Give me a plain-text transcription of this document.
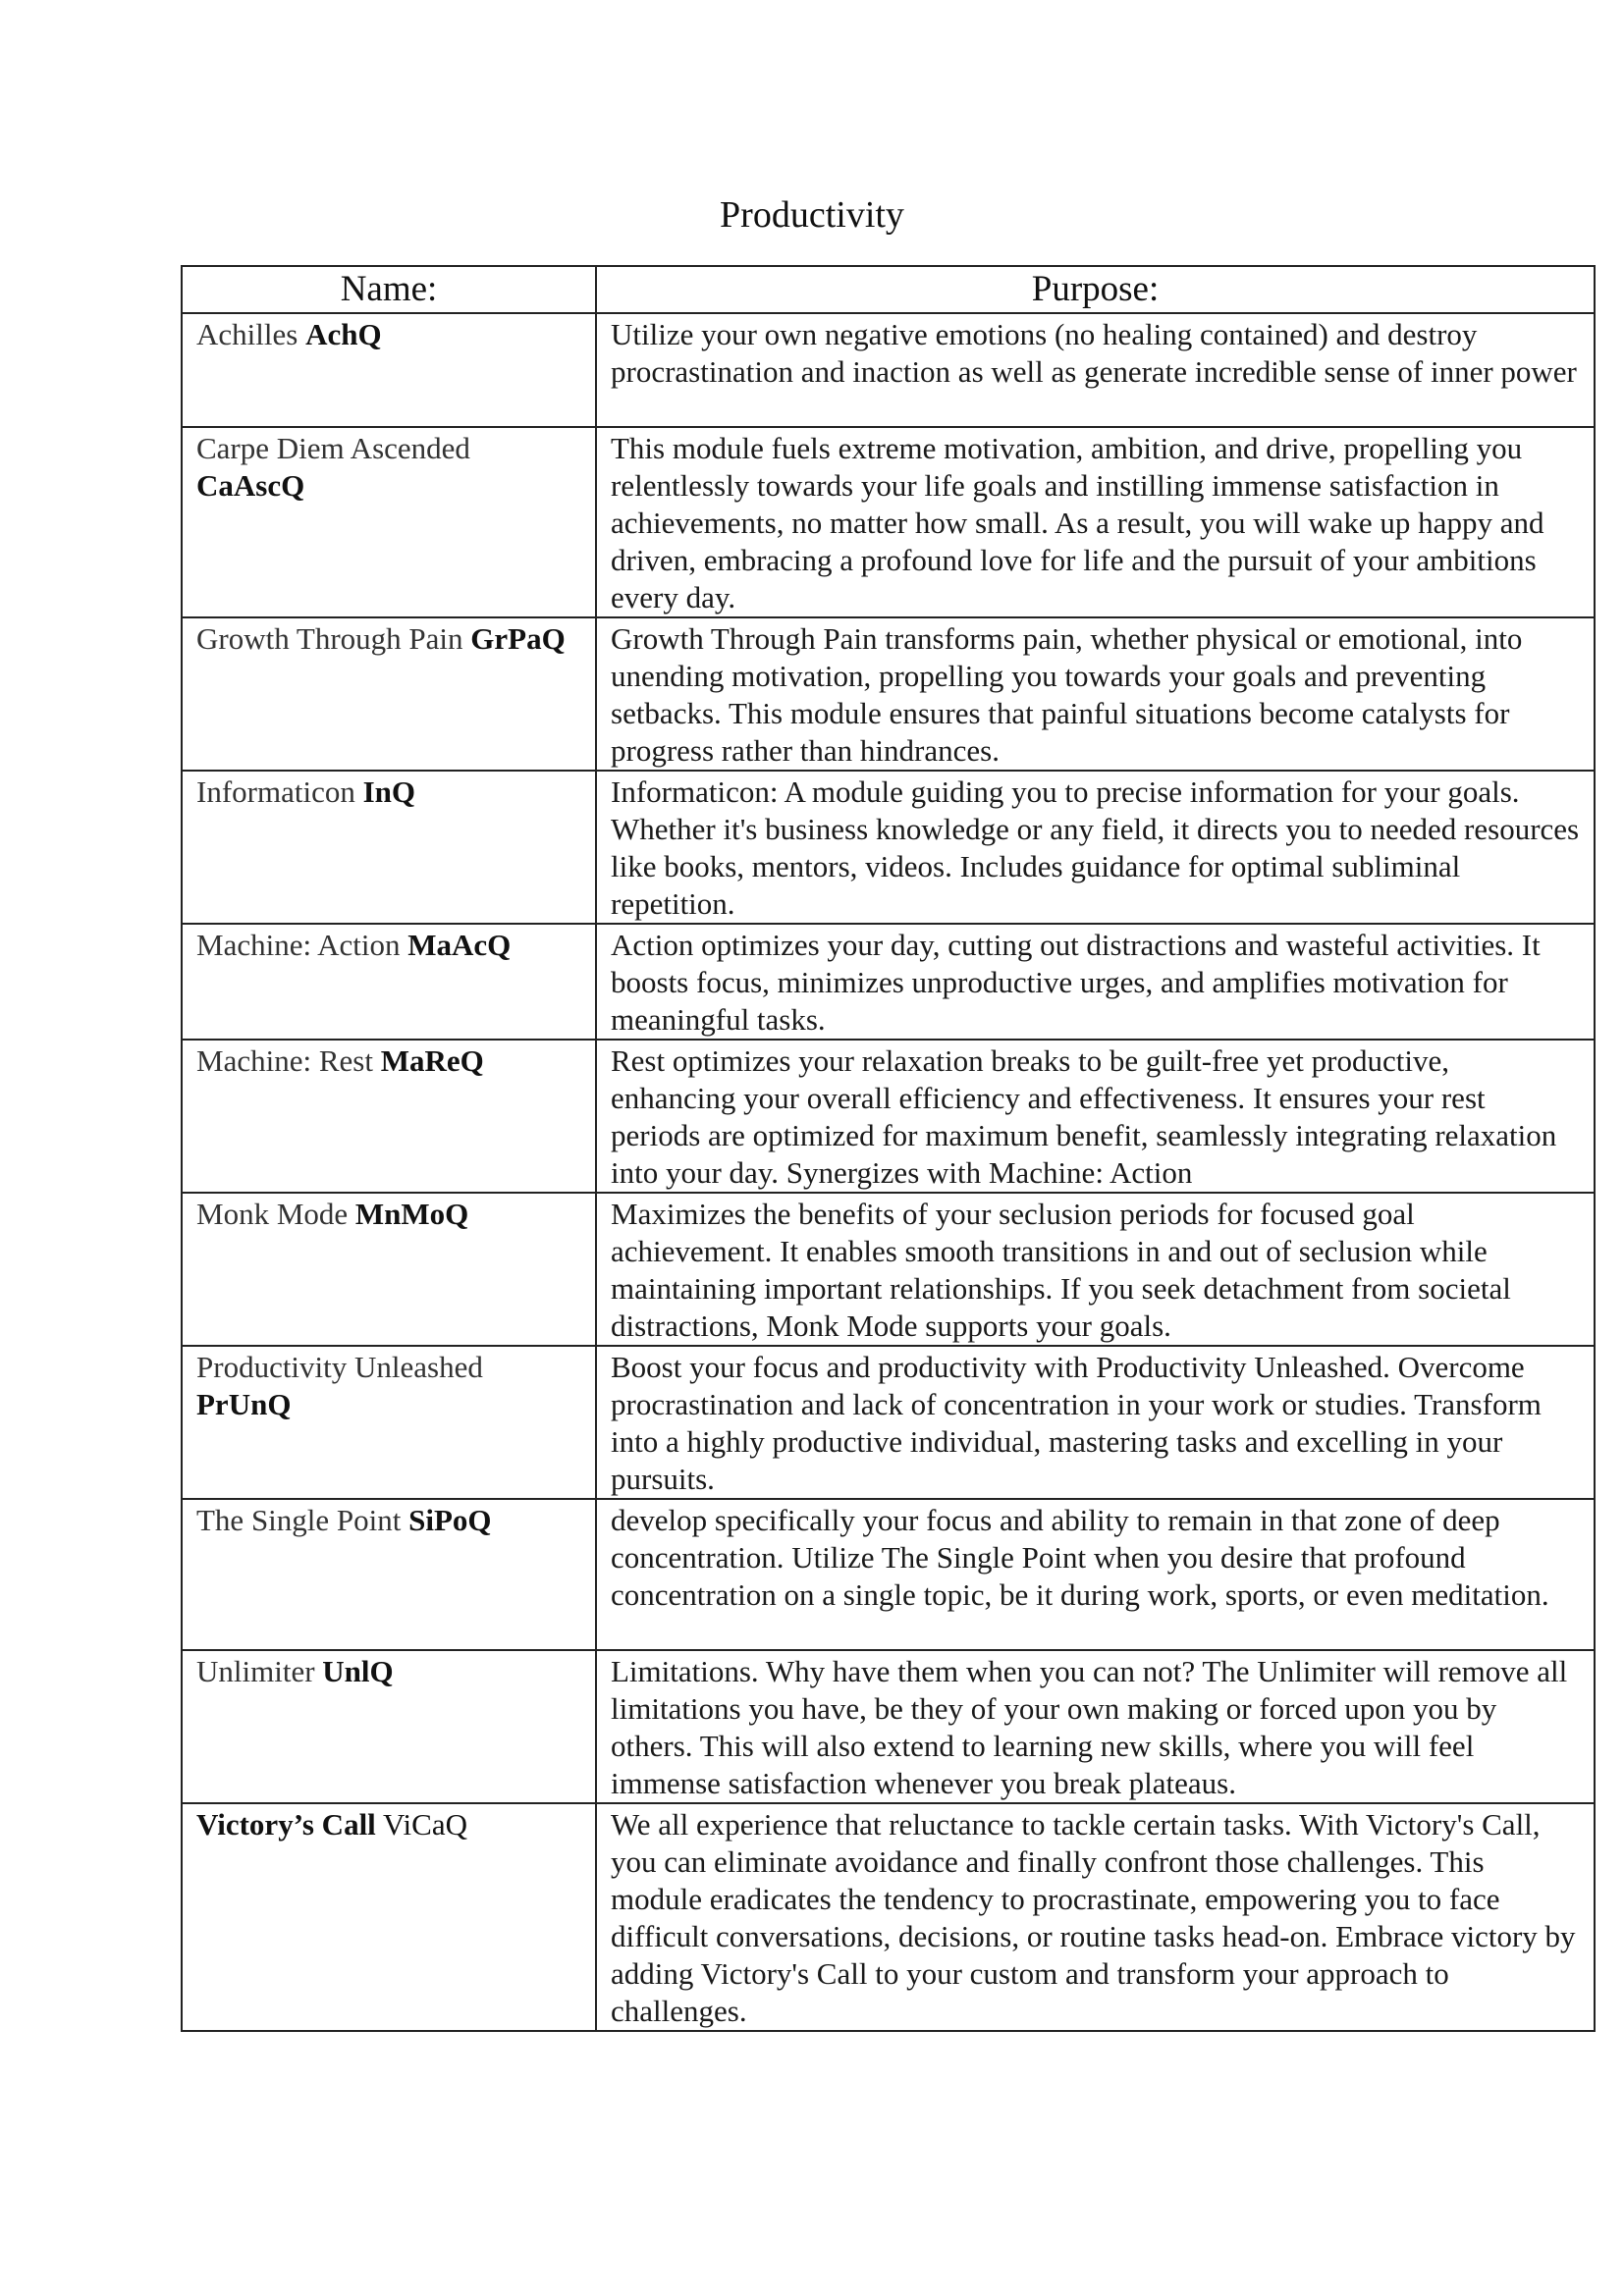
Productivity
Name:	Purpose:
Achilles AchQ	Utilize your own negative emotions (no healing contained) and destroy procrastination and inaction as well as generate incredible sense of inner power
Carpe Diem Ascended CaAscQ	This module fuels extreme motivation, ambition, and drive, propelling you relentlessly towards your life goals and instilling immense satisfaction in achievements, no matter how small. As a result, you will wake up happy and driven, embracing a profound love for life and the pursuit of your ambitions every day.
Growth Through Pain GrPaQ	Growth Through Pain transforms pain, whether physical or emotional, into unending motivation, propelling you towards your goals and preventing setbacks. This module ensures that painful situations become catalysts for progress rather than hindrances.
Informaticon InQ	Informaticon: A module guiding you to precise information for your goals. Whether it's business knowledge or any field, it directs you to needed resources like books, mentors, videos. Includes guidance for optimal subliminal repetition.
Machine: Action MaAcQ	Action optimizes your day, cutting out distractions and wasteful activities. It boosts focus, minimizes unproductive urges, and amplifies motivation for meaningful tasks.
Machine: Rest MaReQ	Rest optimizes your relaxation breaks to be guilt-free yet productive, enhancing your overall efficiency and effectiveness. It ensures your rest periods are optimized for maximum benefit, seamlessly integrating relaxation into your day. Synergizes with Machine: Action
Monk Mode MnMoQ	Maximizes the benefits of your seclusion periods for focused goal achievement. It enables smooth transitions in and out of seclusion while maintaining important relationships. If you seek detachment from societal distractions, Monk Mode supports your goals.
Productivity Unleashed PrUnQ	Boost your focus and productivity with Productivity Unleashed. Overcome procrastination and lack of concentration in your work or studies. Transform into a highly productive individual, mastering tasks and excelling in your pursuits.
The Single Point SiPoQ	develop specifically your focus and ability to remain in that zone of deep concentration. Utilize The Single Point when you desire that profound concentration on a single topic, be it during work, sports, or even meditation.
Unlimiter UnlQ	Limitations. Why have them when you can not? The Unlimiter will remove all limitations you have, be they of your own making or forced upon you by others. This will also extend to learning new skills, where you will feel immense satisfaction whenever you break plateaus.
Victory’s Call ViCaQ	We all experience that reluctance to tackle certain tasks. With Victory's Call, you can eliminate avoidance and finally confront those challenges. This module eradicates the tendency to procrastinate, empowering you to face difficult conversations, decisions, or routine tasks head-on. Embrace victory by adding Victory's Call to your custom and transform your approach to challenges.
